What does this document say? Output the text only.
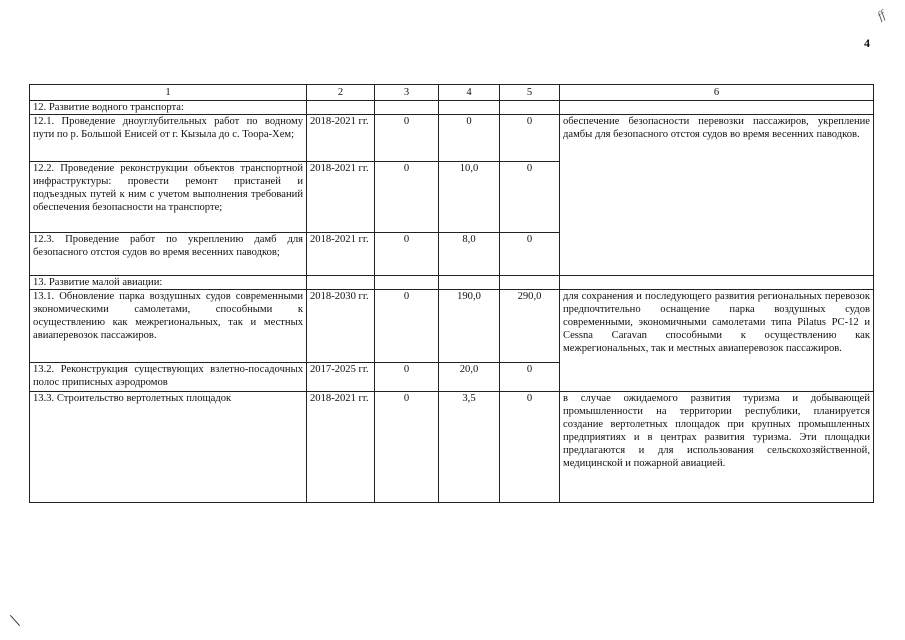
ff
4
1	2	3	4	5	6
12. Развитие водного транспорта:					
12.1. Проведение дноуглубительных работ по водному пути по р. Большой Енисей от г. Кызыла до с. Тоора-Хем;	2018-2021 гг.	0	0	0	обеспечение безопасности перевозки пассажиров, укрепление дамбы для безопасного отстоя судов во время весенних паводков.
12.2. Проведение реконструкции объектов транспортной инфраструктуры: провести ремонт пристаней и подъездных путей к ним с учетом выполнения требований обеспечения безопасности на транспорте;	2018-2021 гг.	0	10,0	0	
12.3. Проведение работ по укреплению дамб для безопасного отстоя судов во время весенних паводков;	2018-2021 гг.	0	8,0	0	
13. Развитие малой авиации:					
13.1. Обновление парка воздушных судов современными экономическими самолетами, способными к осуществлению как межрегиональных, так и местных авиаперевозок пассажиров.	2018-2030 гг.	0	190,0	290,0	для сохранения и последующего развития региональных перевозок предпочтительно оснащение парка воздушных судов современными, экономичными самолетами типа Pilatus PC-12 и Cessna Caravan способными к осуществлению как межрегиональных, так и местных авиаперевозок пассажиров.
13.2. Реконструкция существующих взлетно-посадочных полос приписных аэродромов	2017-2025 гг.	0	20,0	0	
13.3. Строительство вертолетных площадок	2018-2021 гг.	0	3,5	0	в случае ожидаемого развития туризма и добывающей промышленности на территории республики, планируется создание вертолетных площадок при крупных промышленных предприятиях и в центрах развития туризма. Эти площадки предлагаются и для использования сельскохозяйственной, медицинской и пожарной авиацией.
